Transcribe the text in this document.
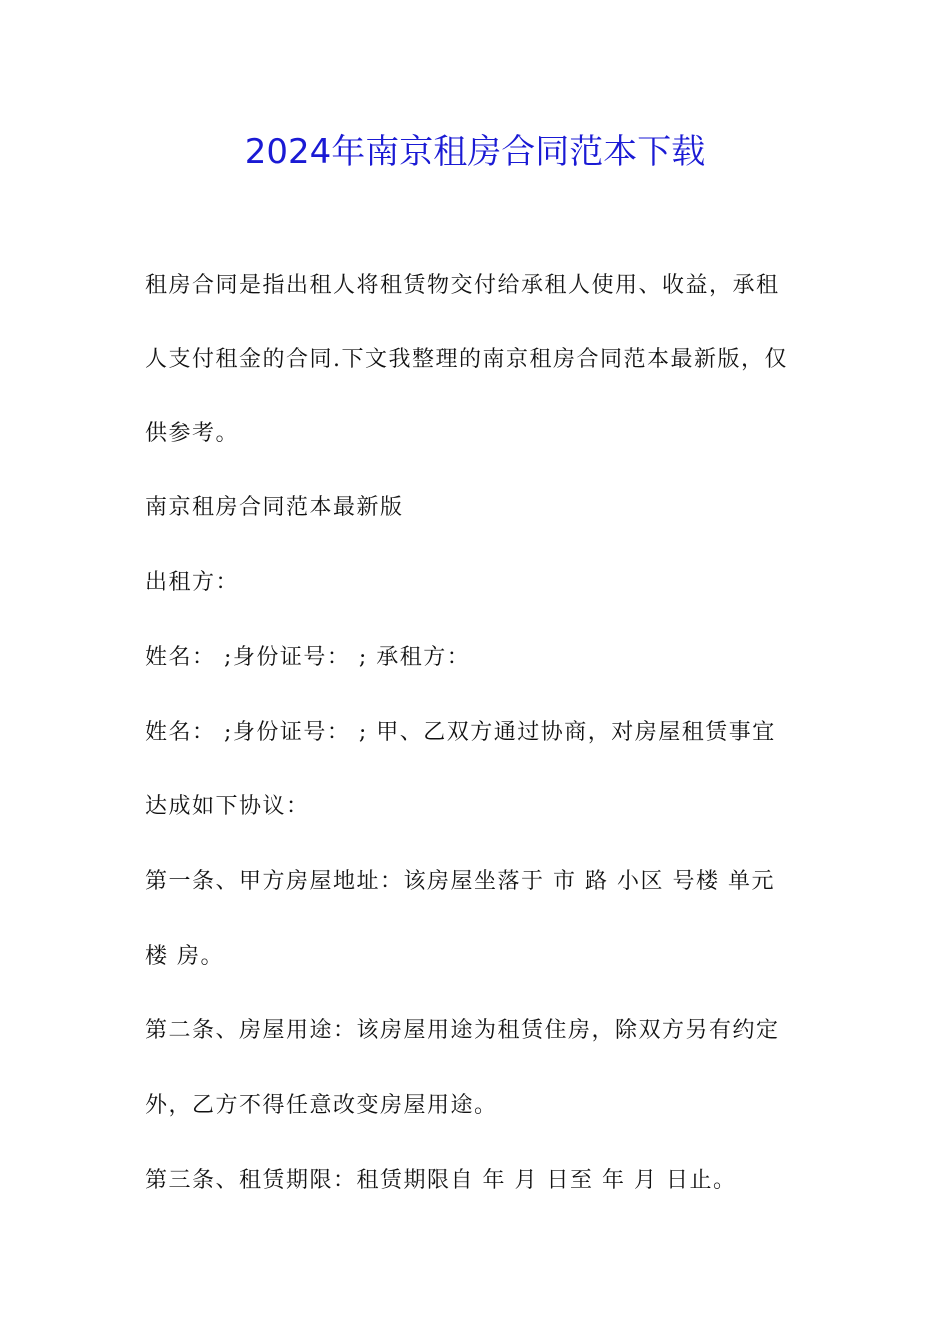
2024年南京租房合同范本下载

租房合同是指出租人将租赁物交付给承租人使用、收益，承租

人支付租金的合同.下文我整理的南京租房合同范本最新版，仅

供参考。

南京租房合同范本最新版

出租方：

姓名： ;身份证号： ; 承租方：

姓名： ;身份证号： ; 甲、乙双方通过协商，对房屋租赁事宜

达成如下协议：

第一条、甲方房屋地址：该房屋坐落于 市 路 小区 号楼 单元

楼 房。

第二条、房屋用途：该房屋用途为租赁住房，除双方另有约定

外，乙方不得任意改变房屋用途。

第三条、租赁期限：租赁期限自 年 月 日至 年 月 日止。
